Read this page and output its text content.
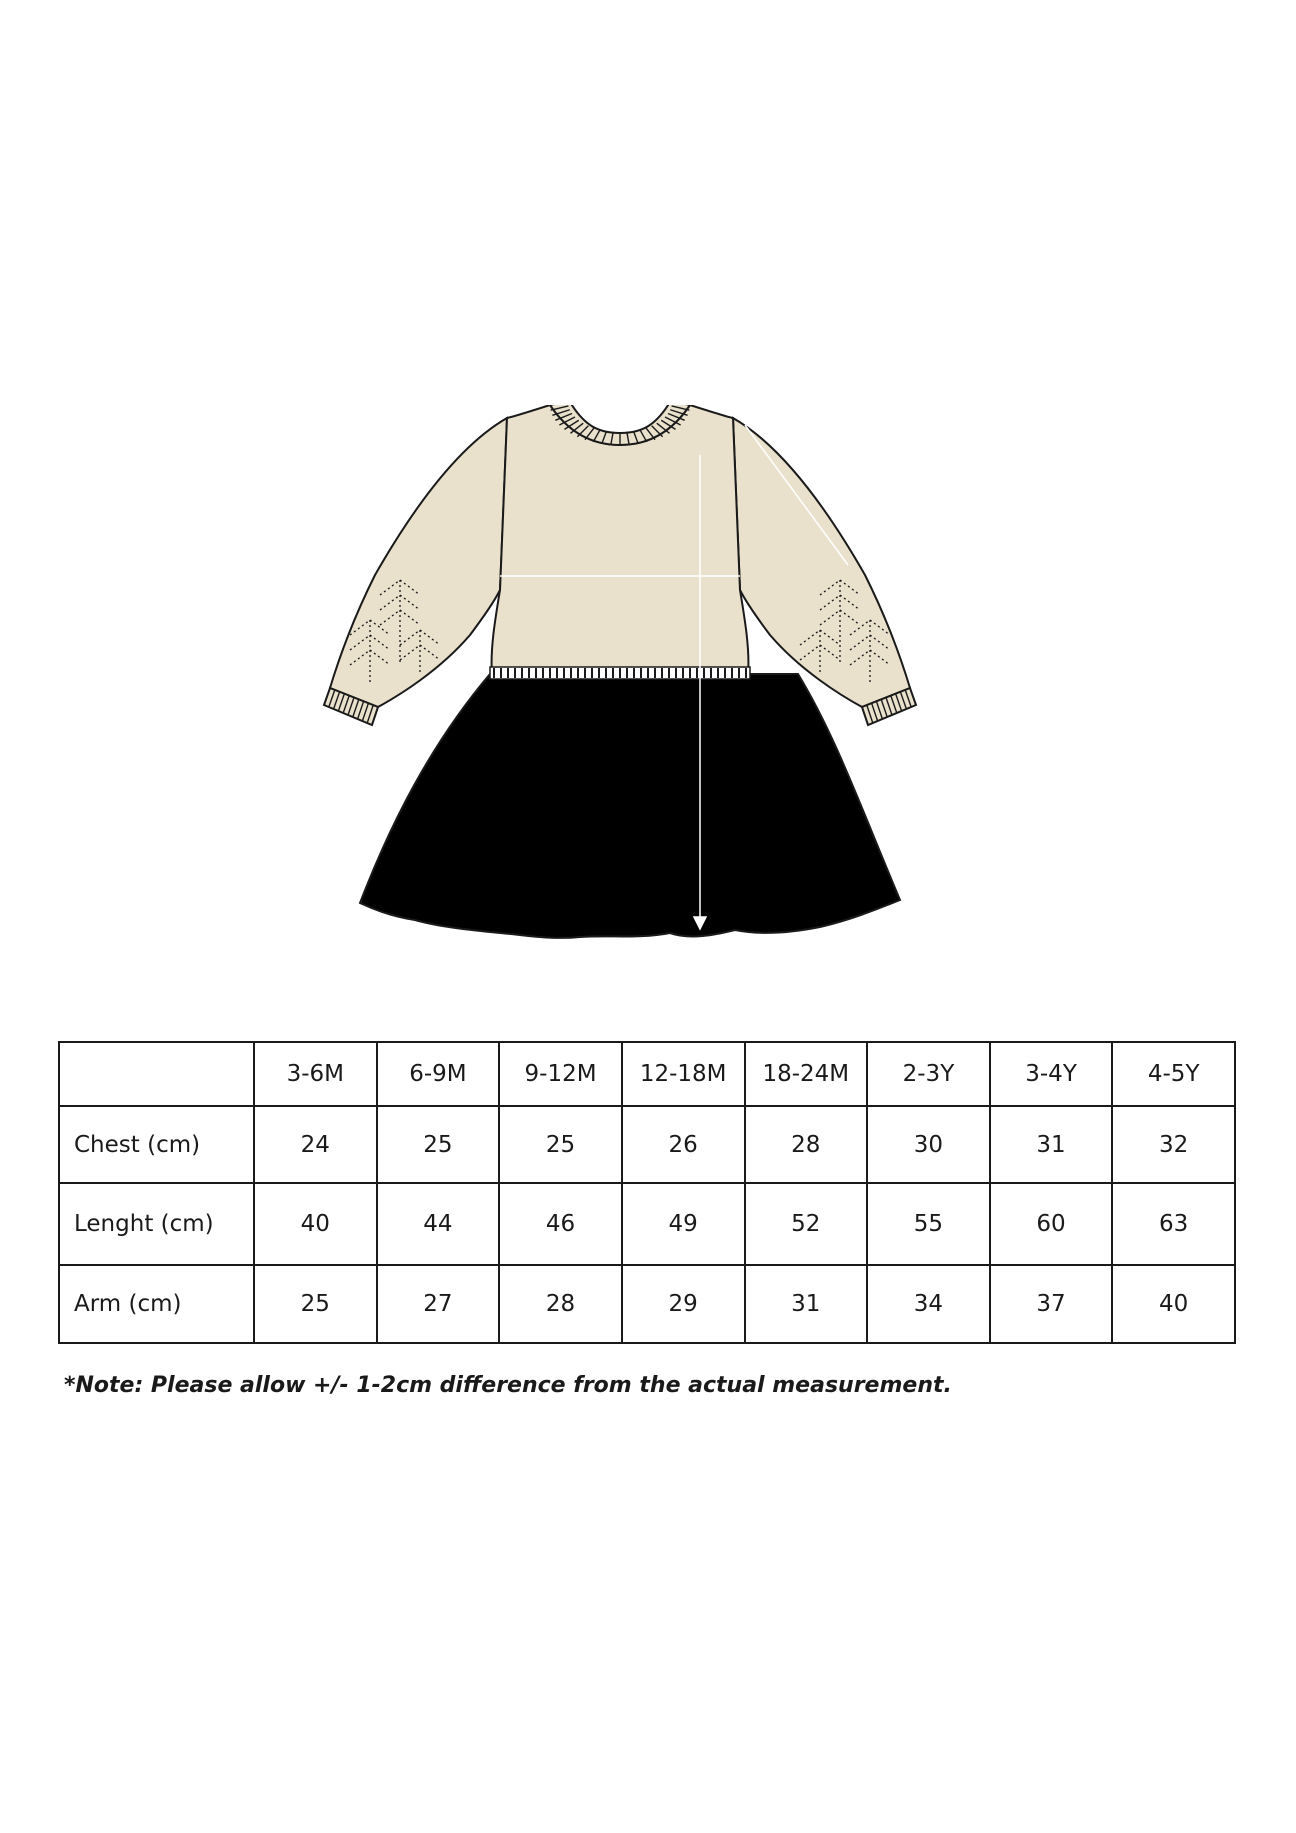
	3-6M	6-9M	9-12M	12-18M	18-24M	2-3Y	3-4Y	4-5Y
Chest (cm)	24	25	25	26	28	30	31	32
Lenght (cm)	40	44	46	49	52	55	60	63
Arm (cm)	25	27	28	29	31	34	37	40

*Note: Please allow +/- 1-2cm difference from the actual measurement.
